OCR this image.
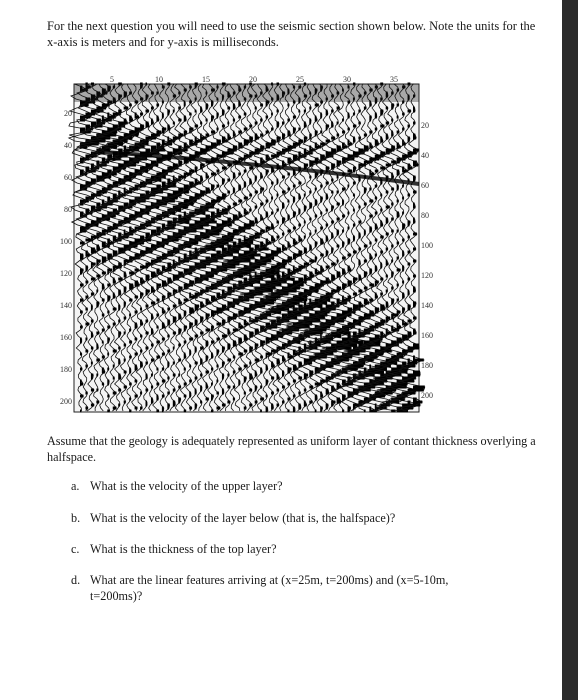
For the next question you will need to use the seismic section shown below. Note the units for the x-axis is meters and for y-axis is milliseconds.
5	10	15	20	25	30	35
20
40
60
80
100
120
140
160
180
200
20
40
60
80
100
120
140
160
180
200
Assume that the geology is adequately represented as uniform layer of contant thickness overlying a halfspace.
a. What is the velocity of the upper layer?
b. What is the velocity of the layer below (that is, the halfspace)?
c. What is the thickness of the top layer?
d. What are the linear features arriving at (x=25m, t=200ms) and (x=5-10m, t=200ms)?
